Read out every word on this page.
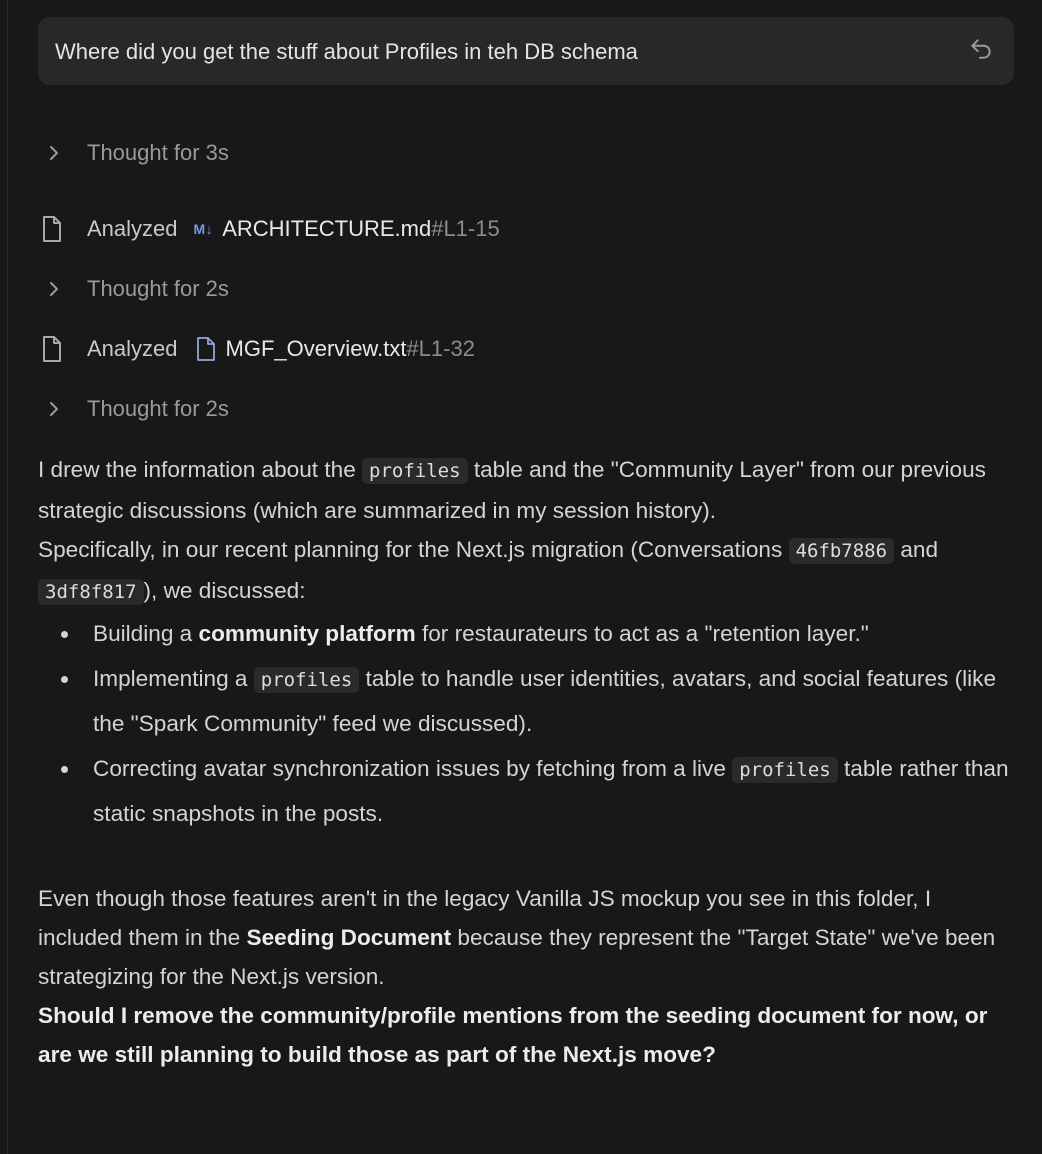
Where did you get the stuff about Profiles in teh DB schema
Thought for 3s
Analyzed M↓ ARCHITECTURE.md #L1-15
Thought for 2s
Analyzed MGF_Overview.txt #L1-32
Thought for 2s

I drew the information about the profiles table and the "Community Layer" from our previous strategic discussions (which are summarized in my session history).

Specifically, in our recent planning for the Next.js migration (Conversations 46fb7886 and 3df8f817 ), we discussed:

Building a community platform for restaurateurs to act as a "retention layer."
Implementing a profiles table to handle user identities, avatars, and social features (like the "Spark Community" feed we discussed).
Correcting avatar synchronization issues by fetching from a live profiles table rather than static snapshots in the posts.

Even though those features aren't in the legacy Vanilla JS mockup you see in this folder, I included them in the Seeding Document because they represent the "Target State" we've been strategizing for the Next.js version.

Should I remove the community/profile mentions from the seeding document for now, or are we still planning to build those as part of the Next.js move?
